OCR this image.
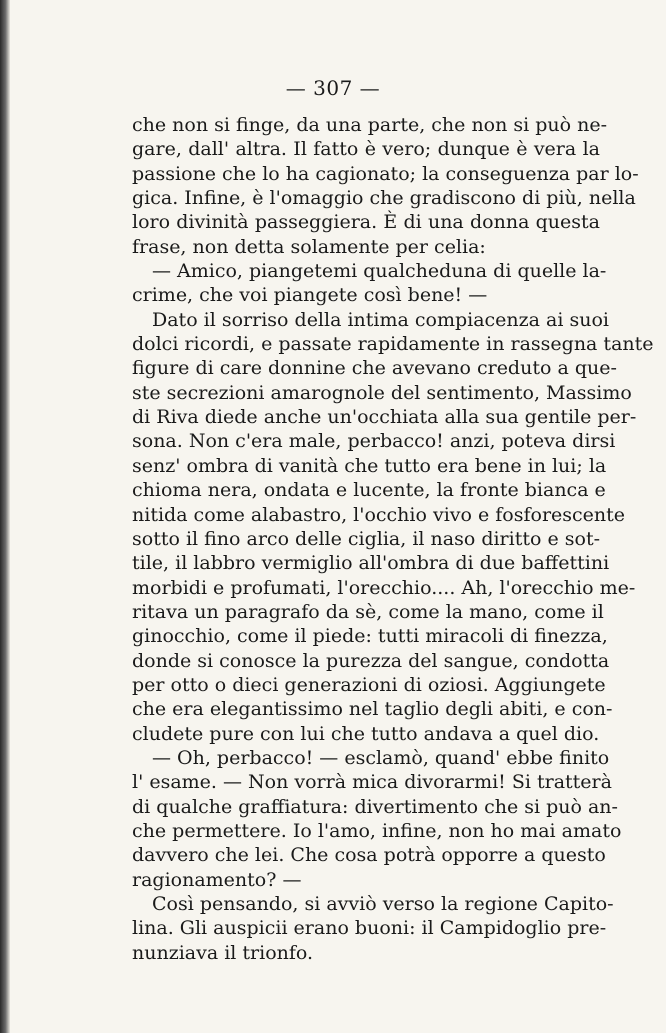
— 307 —
che non si finge, da una parte, che non si può ne-
gare, dall' altra. Il fatto è vero; dunque è vera la
passione che lo ha cagionato; la conseguenza par lo-
gica. Infine, è l'omaggio che gradiscono di più, nella
loro divinità passeggiera. È di una donna questa
frase, non detta solamente per celia:
— Amico, piangetemi qualcheduna di quelle la-
crime, che voi piangete così bene! —
Dato il sorriso della intima compiacenza ai suoi
dolci ricordi, e passate rapidamente in rassegna tante
figure di care donnine che avevano creduto a que-
ste secrezioni amarognole del sentimento, Massimo
di Riva diede anche un'occhiata alla sua gentile per-
sona. Non c'era male, perbacco! anzi, poteva dirsi
senz' ombra di vanità che tutto era bene in lui; la
chioma nera, ondata e lucente, la fronte bianca e
nitida come alabastro, l'occhio vivo e fosforescente
sotto il fino arco delle ciglia, il naso diritto e sot-
tile, il labbro vermiglio all'ombra di due baffettini
morbidi e profumati, l'orecchio.... Ah, l'orecchio me-
ritava un paragrafo da sè, come la mano, come il
ginocchio, come il piede: tutti miracoli di finezza,
donde si conosce la purezza del sangue, condotta
per otto o dieci generazioni di oziosi. Aggiungete
che era elegantissimo nel taglio degli abiti, e con-
cludete pure con lui che tutto andava a quel dio.
— Oh, perbacco! — esclamò, quand' ebbe finito
l' esame. — Non vorrà mica divorarmi! Si tratterà
di qualche graffiatura: divertimento che si può an-
che permettere. Io l'amo, infine, non ho mai amato
davvero che lei. Che cosa potrà opporre a questo
ragionamento? —
Così pensando, si avviò verso la regione Capito-
lina. Gli auspicii erano buoni: il Campidoglio pre-
nunziava il trionfo.
